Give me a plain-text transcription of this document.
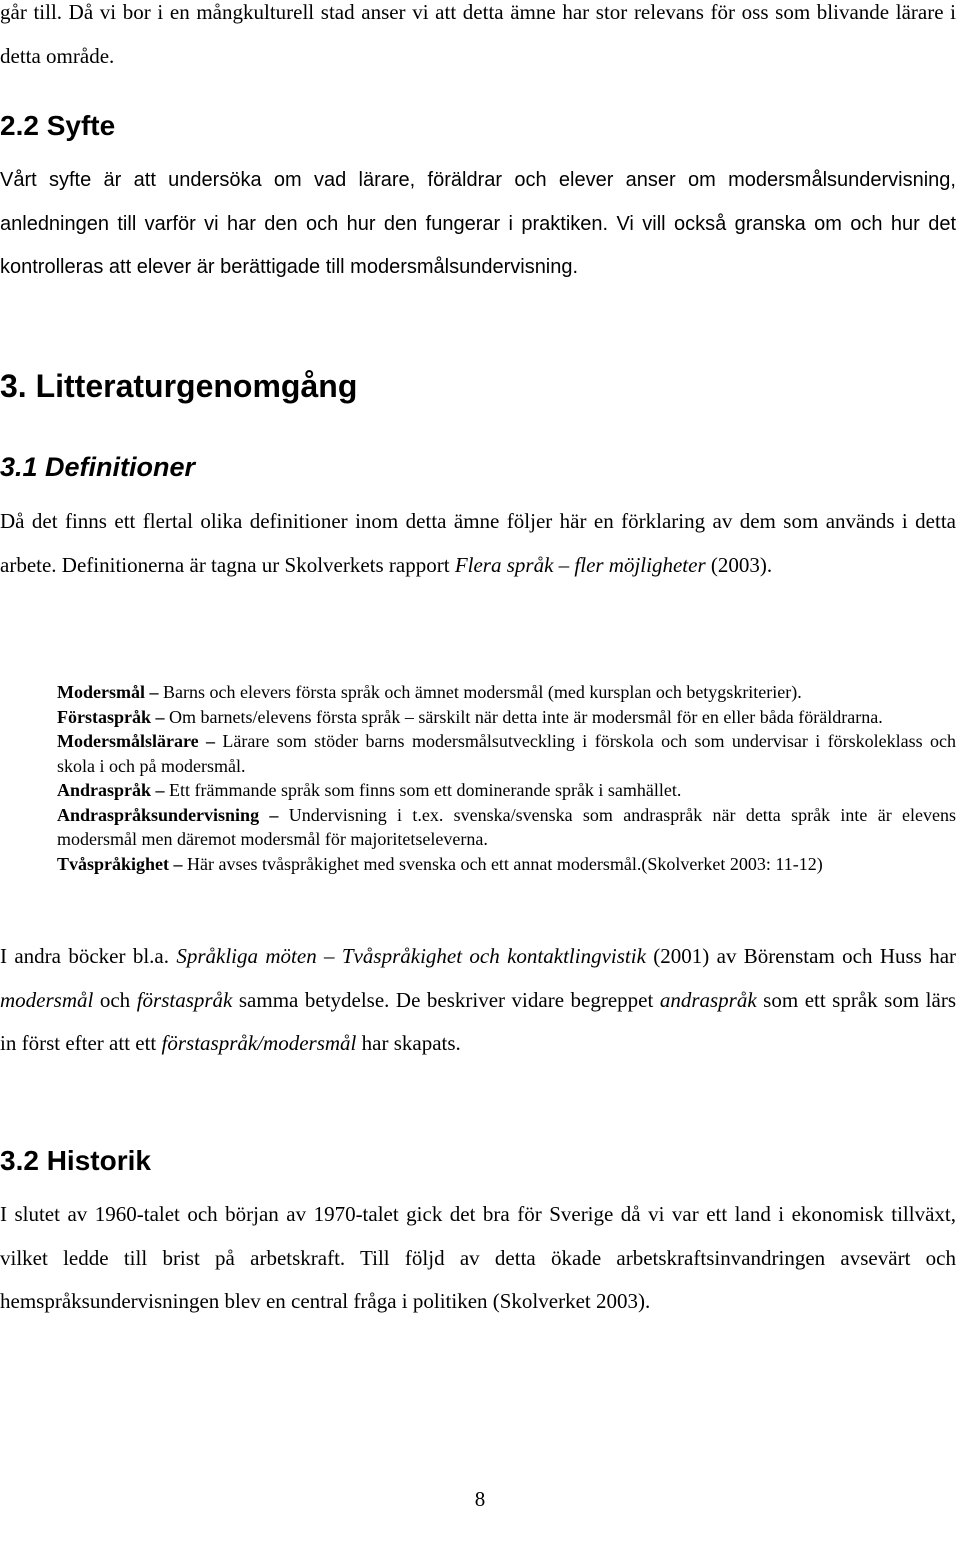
går till. Då vi bor i en mångkulturell stad anser vi att detta ämne har stor relevans för oss som blivande lärare i detta område.

2.2 Syfte

Vårt syfte är att undersöka om vad lärare, föräldrar och elever anser om modersmålsundervisning, anledningen till varför vi har den och hur den fungerar i praktiken. Vi vill också granska om och hur det kontrolleras att elever är berättigade till modersmålsundervisning.

3. Litteraturgenomgång
3.1 Definitioner

Då det finns ett flertal olika definitioner inom detta ämne följer här en förklaring av dem som används i detta arbete. Definitionerna är tagna ur Skolverkets rapport Flera språk – fler möjligheter (2003).

Modersmål – Barns och elevers första språk och ämnet modersmål (med kursplan och betygskriterier).
Förstaspråk – Om barnets/elevens första språk – särskilt när detta inte är modersmål för en eller båda föräldrarna.
Modersmålslärare – Lärare som stöder barns modersmålsutveckling i förskola och som undervisar i förskoleklass och skola i och på modersmål.
Andraspråk – Ett främmande språk som finns som ett dominerande språk i samhället.
Andraspråksundervisning – Undervisning i t.ex. svenska/svenska som andraspråk när detta språk inte är elevens modersmål men däremot modersmål för majoritetseleverna.
Tvåspråkighet – Här avses tvåspråkighet med svenska och ett annat modersmål.(Skolverket 2003: 11-12)

I andra böcker bl.a. Språkliga möten – Tvåspråkighet och kontaktlingvistik (2001) av Börenstam och Huss har modersmål och förstaspråk samma betydelse. De beskriver vidare begreppet andraspråk som ett språk som lärs in först efter att ett förstaspråk/modersmål har skapats.

3.2 Historik

I slutet av 1960-talet och början av 1970-talet gick det bra för Sverige då vi var ett land i ekonomisk tillväxt, vilket ledde till brist på arbetskraft. Till följd av detta ökade arbetskraftsinvandringen avsevärt och hemspråksundervisningen blev en central fråga i politiken (Skolverket 2003).

8
